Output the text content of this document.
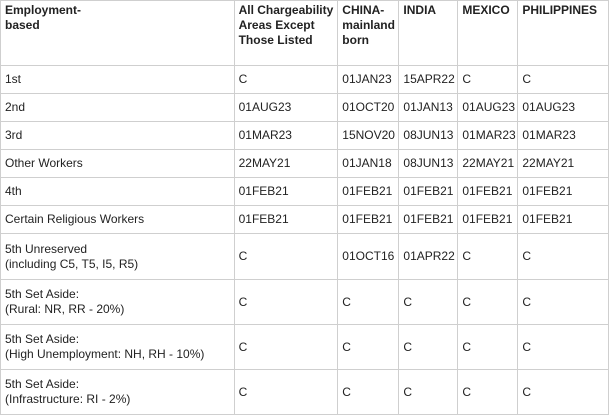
Employment-
based	All Chargeability Areas Except Those Listed	CHINA-mainland born	INDIA	MEXICO	PHILIPPINES
1st	C	01JAN23	15APR22	C	C
2nd	01AUG23	01OCT20	01JAN13	01AUG23	01AUG23
3rd	01MAR23	15NOV20	08JUN13	01MAR23	01MAR23
Other Workers	22MAY21	01JAN18	08JUN13	22MAY21	22MAY21
4th	01FEB21	01FEB21	01FEB21	01FEB21	01FEB21
Certain Religious Workers	01FEB21	01FEB21	01FEB21	01FEB21	01FEB21
5th Unreserved
(including C5, T5, I5, R5)	C	01OCT16	01APR22	C	C
5th Set Aside:
(Rural: NR, RR - 20%)	C	C	C	C	C
5th Set Aside:
(High Unemployment: NH, RH - 10%)	C	C	C	C	C
5th Set Aside:
(Infrastructure: RI - 2%)	C	C	C	C	C
